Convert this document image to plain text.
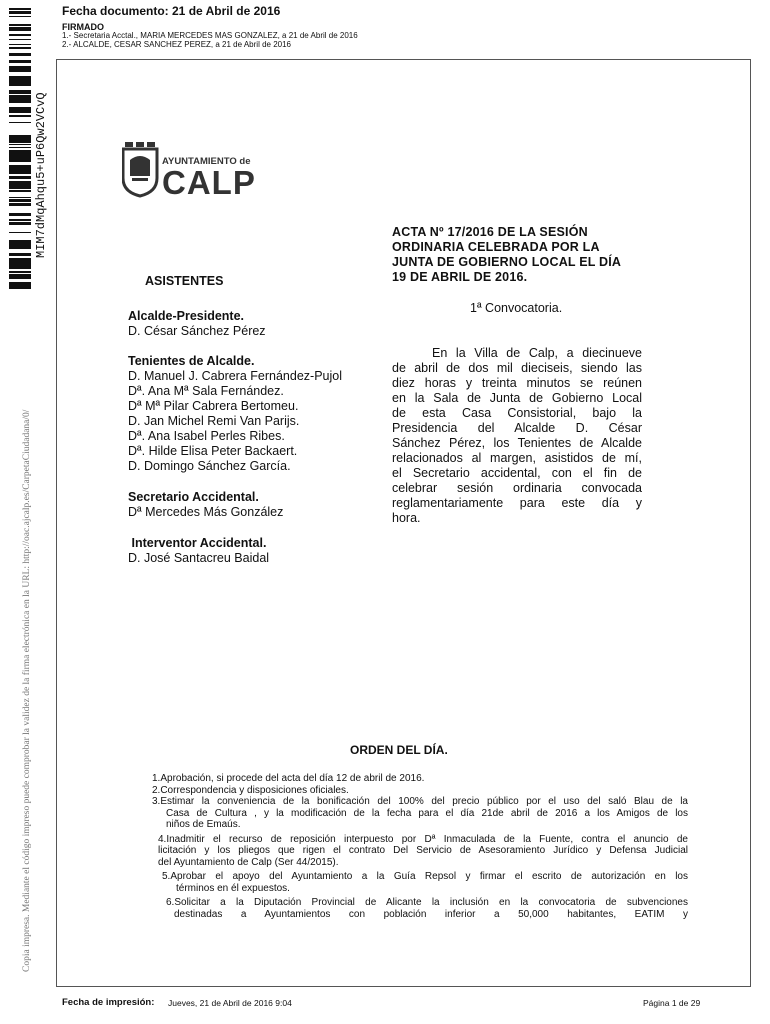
Fecha documento: 21 de Abril de 2016
FIRMADO
1.- Secretaria Acctal., MARIA MERCEDES MAS GONZALEZ, a 21 de Abril de 2016
2.- ALCALDE, CESAR SANCHEZ PEREZ, a 21 de Abril de 2016
MIM7dMqAhqu5+uP6Qw2VCvQ
Copia impresa. Mediante el código impreso puede comprobar la validez de la firma electrónica en la URL: http://oac.ajcalp.es/CarpetaCiudadana/0/
AYUNTAMIENTO de
CALP
ACTA Nº 17/2016 DE LA SESIÓN
ORDINARIA CELEBRADA POR LA
JUNTA DE GOBIERNO LOCAL EL DÍA
19 DE ABRIL DE 2016.
ASISTENTES
Alcalde-Presidente.
D. César Sánchez Pérez
Tenientes de Alcalde.
D. Manuel J. Cabrera Fernández-Pujol
Dª. Ana Mª Sala Fernández.
Dª Mª Pilar Cabrera Bertomeu.
D. Jan Michel Remi Van Parijs.
Dª. Ana Isabel Perles Ribes.
Dª. Hilde Elisa Peter Backaert.
D. Domingo Sánchez García.
Secretario Accidental.
Dª Mercedes Más González
Interventor Accidental.
D. José Santacreu Baidal
1ª Convocatoria.
En la Villa de Calp, a diecinueve
de abril de dos mil dieciseis, siendo las
diez horas y treinta minutos se reúnen
en la Sala de Junta de Gobierno Local
de esta Casa Consistorial, bajo la
Presidencia del Alcalde D. César
Sánchez Pérez, los Tenientes de Alcalde
relacionados al margen, asistidos de mí,
el Secretario accidental, con el fin de
celebrar sesión ordinaria convocada
reglamentariamente para este día y
hora.
ORDEN DEL DÍA.
1.Aprobación, si procede del acta del día 12 de abril de 2016.
2.Correspondencia y disposiciones oficiales.
3.Estimar la conveniencia de la bonificación del 100% del precio público por el uso del saló Blau de la
Casa de Cultura , y la modificación de la fecha para el día 21de abril de 2016 a los Amigos de los
niños de Emaús.
4.Inadmitir el recurso de reposición interpuesto por Dª Inmaculada de la Fuente, contra el anuncio de
licitación y los pliegos que rigen el contrato Del Servicio de Asesoramiento Jurídico y Defensa Judicial
del Ayuntamiento de Calp (Ser 44/2015).
5.Aprobar el apoyo del Ayuntamiento a la Guía Repsol y firmar el escrito de autorización en los
términos en él expuestos.
6.Solicitar a la Diputación Provincial de Alicante la inclusión en la convocatoria de subvenciones
destinadas a Ayuntamientos con población inferior a 50,000 habitantes, EATIM y
Fecha de impresión: Jueves, 21 de Abril de 2016 9:04	Página 1 de 29
